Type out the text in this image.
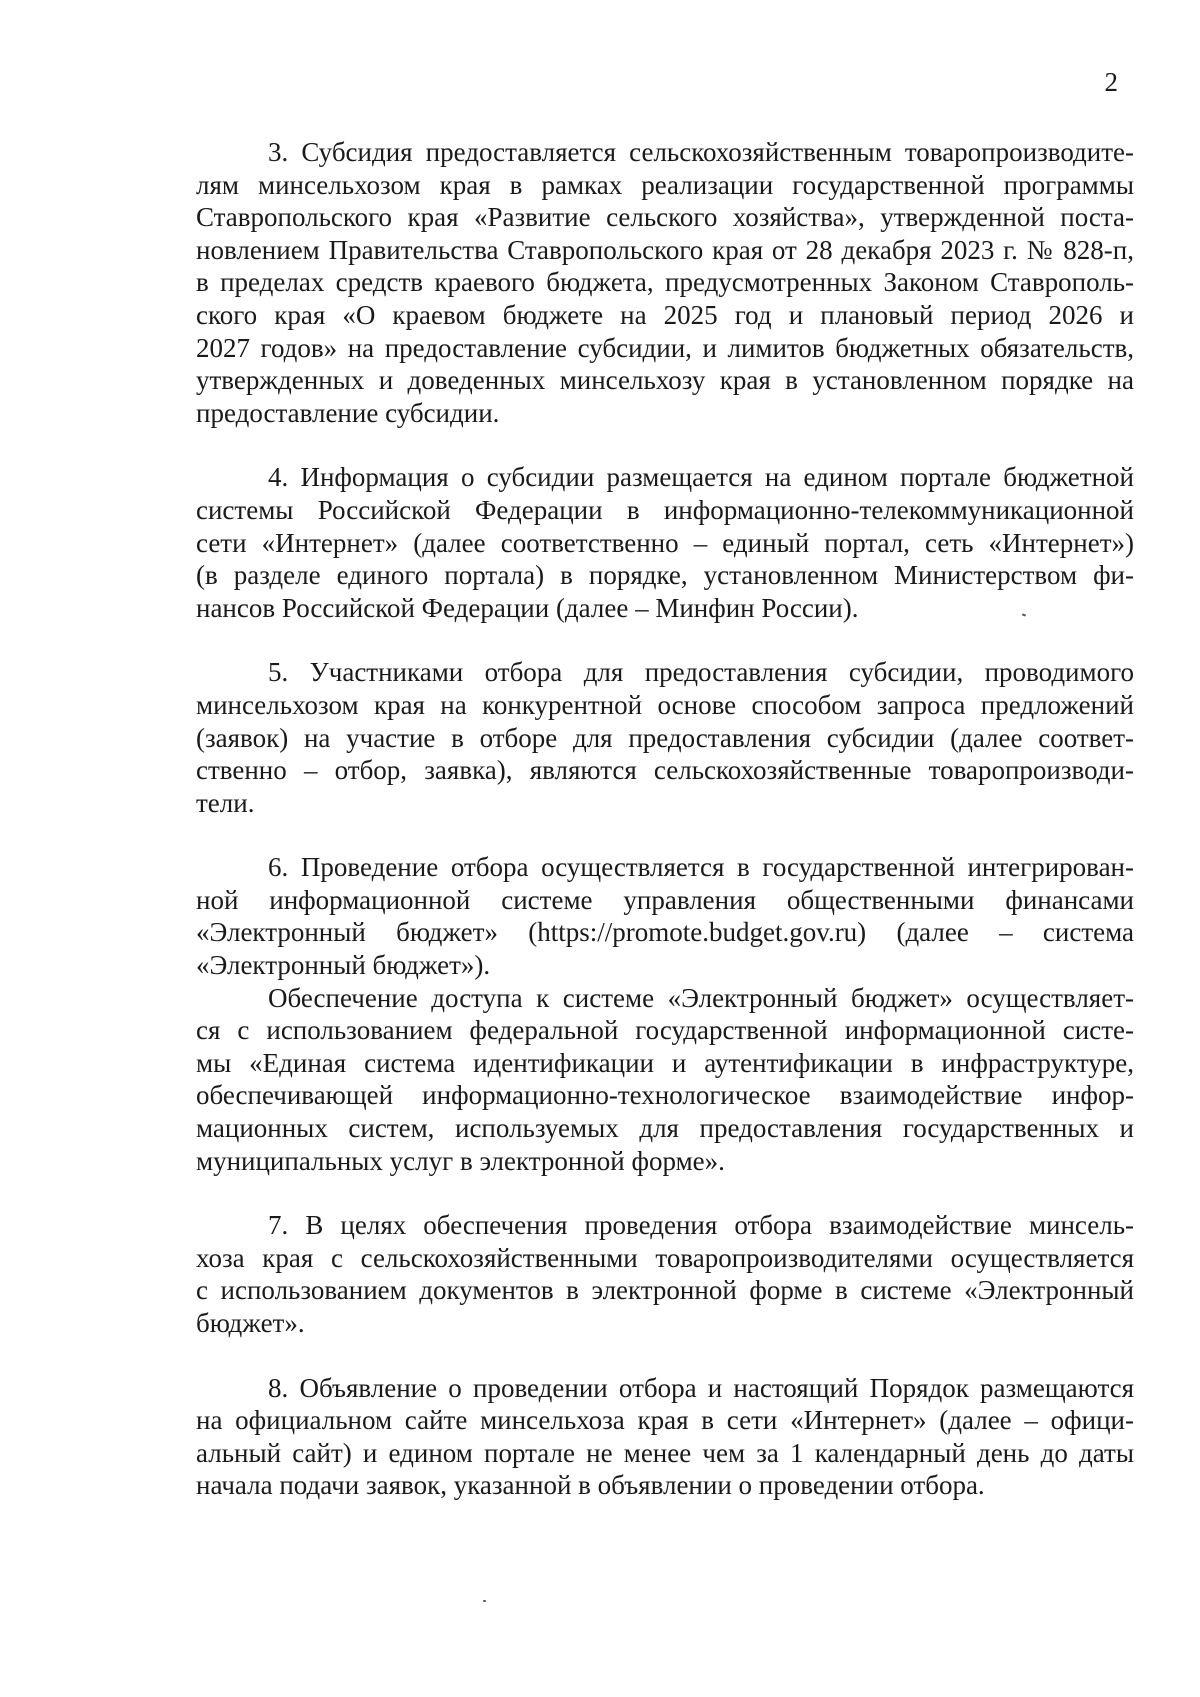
2
3. Субсидия предоставляется сельскохозяйственным товаропроизводите-
лям минсельхозом края в рамках реализации государственной программы
Ставропольского края «Развитие сельского хозяйства», утвержденной поста-
новлением Правительства Ставропольского края от 28 декабря 2023 г. № 828-п,
в пределах средств краевого бюджета, предусмотренных Законом Ставрополь-
ского края «О краевом бюджете на 2025 год и плановый период 2026 и
2027 годов» на предоставление субсидии, и лимитов бюджетных обязательств,
утвержденных и доведенных минсельхозу края в установленном порядке на
предоставление субсидии.
4. Информация о субсидии размещается на едином портале бюджетной
системы Российской Федерации в информационно-телекоммуникационной
сети «Интернет» (далее соответственно – единый портал, сеть «Интернет»)
(в разделе единого портала) в порядке, установленном Министерством фи-
нансов Российской Федерации (далее – Минфин России).
5. Участниками отбора для предоставления субсидии, проводимого
минсельхозом края на конкурентной основе способом запроса предложений
(заявок) на участие в отборе для предоставления субсидии (далее соответ-
ственно – отбор, заявка), являются сельскохозяйственные товаропроизводи-
тели.
6. Проведение отбора осуществляется в государственной интегрирован-
ной информационной системе управления общественными финансами
«Электронный бюджет» (https://promote.budget.gov.ru) (далее – система
«Электронный бюджет»).
Обеспечение доступа к системе «Электронный бюджет» осуществляет-
ся с использованием федеральной государственной информационной систе-
мы «Единая система идентификации и аутентификации в инфраструктуре,
обеспечивающей информационно-технологическое взаимодействие инфор-
мационных систем, используемых для предоставления государственных и
муниципальных услуг в электронной форме».
7. В целях обеспечения проведения отбора взаимодействие минсель-
хоза края с сельскохозяйственными товаропроизводителями осуществляется
с использованием документов в электронной форме в системе «Электронный
бюджет».
8. Объявление о проведении отбора и настоящий Порядок размещаются
на официальном сайте минсельхоза края в сети «Интернет» (далее – офици-
альный сайт) и едином портале не менее чем за 1 календарный день до даты
начала подачи заявок, указанной в объявлении о проведении отбора.
